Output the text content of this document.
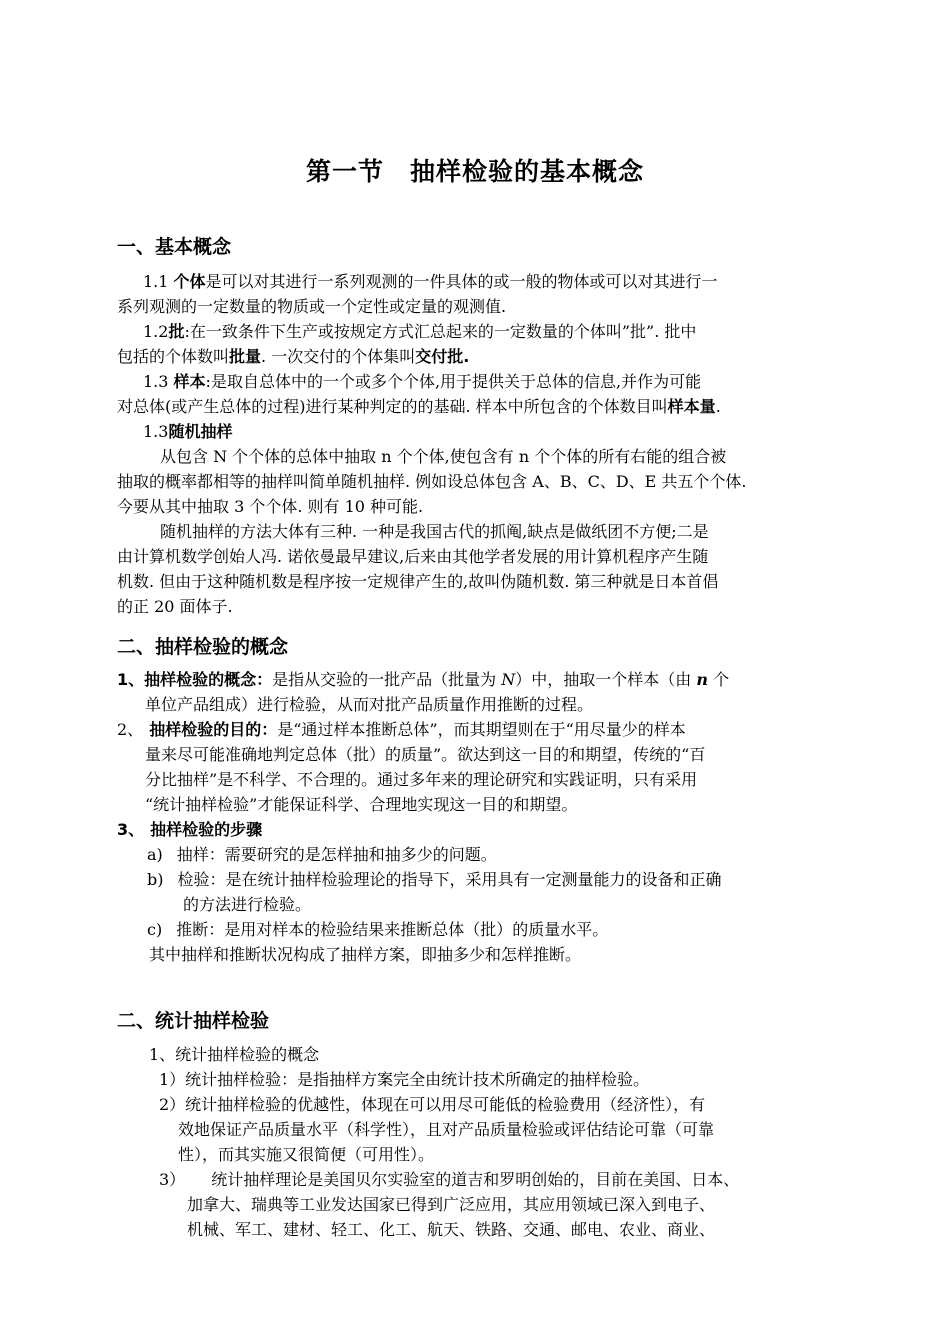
第一节　抽样检验的基本概念
一、基本概念
1.1 个体是可以对其进行一系列观测的一件具体的或一般的物体或可以对其进行一
系列观测的一定数量的物质或一个定性或定量的观测值.
1.2批:在一致条件下生产或按规定方式汇总起来的一定数量的个体叫”批”. 批中
包括的个体数叫批量. 一次交付的个体集叫交付批.
1.3 样本:是取自总体中的一个或多个个体,用于提供关于总体的信息,并作为可能
对总体(或产生总体的过程)进行某种判定的的基础. 样本中所包含的个体数目叫样本量.
1.3随机抽样
从包含 N 个个体的总体中抽取 n 个个体,使包含有 n 个个体的所有右能的组合被
抽取的概率都相等的抽样叫简单随机抽样. 例如设总体包含 A、B、C、D、E 共五个个体.
今要从其中抽取 3 个个体. 则有 10 种可能.
随机抽样的方法大体有三种. 一种是我国古代的抓阄,缺点是做纸团不方便;二是
由计算机数学创始人冯. 诺依曼最早建议,后来由其他学者发展的用计算机程序产生随
机数. 但由于这种随机数是程序按一定规律产生的,故叫伪随机数. 第三种就是日本首倡
的正 20 面体子.
二、抽样检验的概念
1、抽样检验的概念：是指从交验的一批产品（批量为 N）中，抽取一个样本（由 n 个
单位产品组成）进行检验，从而对批产品质量作用推断的过程。
2、 抽样检验的目的：是“通过样本推断总体”，而其期望则在于“用尽量少的样本
量来尽可能准确地判定总体（批）的质量”。欲达到这一目的和期望，传统的“百
分比抽样”是不科学、不合理的。通过多年来的理论研究和实践证明，只有采用
“统计抽样检验”才能保证科学、合理地实现这一目的和期望。
3、 抽样检验的步骤
a) 抽样：需要研究的是怎样抽和抽多少的问题。
b) 检验：是在统计抽样检验理论的指导下，采用具有一定测量能力的设备和正确
的方法进行检验。
c) 推断：是用对样本的检验结果来推断总体（批）的质量水平。
其中抽样和推断状况构成了抽样方案，即抽多少和怎样推断。
二、统计抽样检验
1、统计抽样检验的概念
1）统计抽样检验：是指抽样方案完全由统计技术所确定的抽样检验。
2）统计抽样检验的优越性，体现在可以用尽可能低的检验费用（经济性），有
效地保证产品质量水平（科学性），且对产品质量检验或评估结论可靠（可靠
性），而其实施又很简便（可用性）。
3） 统计抽样理论是美国贝尔实验室的道吉和罗明创始的，目前在美国、日本、
加拿大、瑞典等工业发达国家已得到广泛应用，其应用领域已深入到电子、
机械、军工、建材、轻工、化工、航天、铁路、交通、邮电、农业、商业、
